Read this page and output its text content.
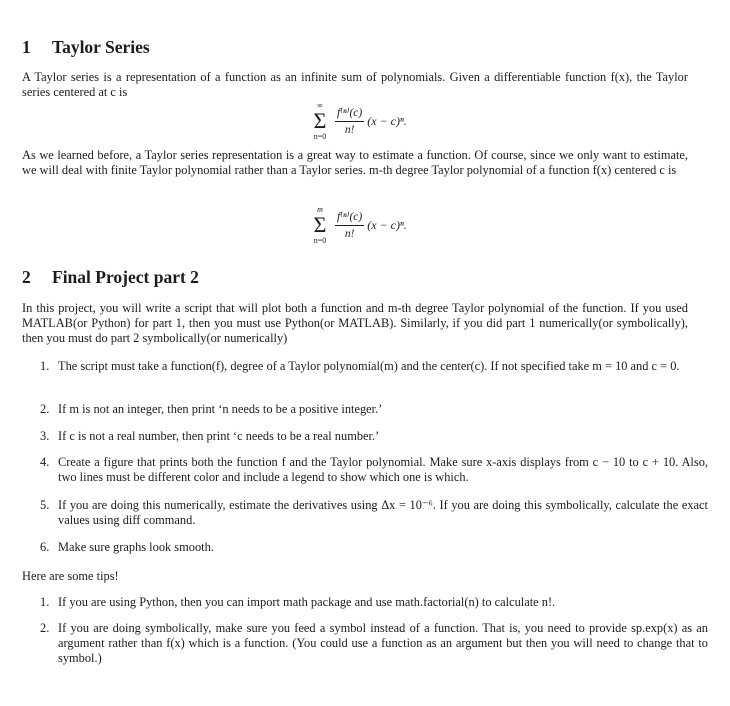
1 Taylor Series
A Taylor series is a representation of a function as an infinite sum of polynomials. Given a differentiable function f(x), the Taylor series centered at c is
∞
Σ
$n=0 \frac{\text{f⁽ⁿ⁾(c)}}{n!} (x - c)^n$.
As we learned before, a Taylor series representation is a great way to estimate a function. Of course, since we only want to estimate, we will deal with finite Taylor polynomial rather than a Taylor series. m-th degree Taylor polynomial of a function f(x) centered c is
m
Σ
$n=0 \frac{\text{f⁽ⁿ⁾(c)}}{n!} (x - c)^n$.
2 Final Project part 2
In this project, you will write a script that will plot both a function and m-th degree Taylor polynomial of the function. If you used MATLAB(or Python) for part 1, then you must use Python(or MATLAB). Similarly, if you did part 1 numerically(or symbolically), then you must do part 2 symbolically(or numerically)
1. The script must take a function(f), degree of a Taylor polynomial(m) and the center(c). If not specified take m = 10 and c = 0.
2. If m is not an integer, then print ‘n needs to be a positive integer.’
3. If c is not a real number, then print ‘c needs to be a real number.’
4. Create a figure that prints both the function f and the Taylor polynomial. Make sure x-axis displays from c − 10 to c + 10. Also, two lines must be different color and include a legend to show which one is which.
5. If you are doing this numerically, estimate the derivatives using Δx = 10⁻⁶. If you are doing this symbolically, calculate the exact values using diff command.
6. Make sure graphs look smooth.
Here are some tips!
1. If you are using Python, then you can import math package and use math.factorial(n) to calculate n!.
2. If you are doing symbolically, make sure you feed a symbol instead of a function. That is, you need to provide sp.exp(x) as an argument rather than f(x) which is a function. (You could use a function as an argument but then you will need to change that to symbol.)
